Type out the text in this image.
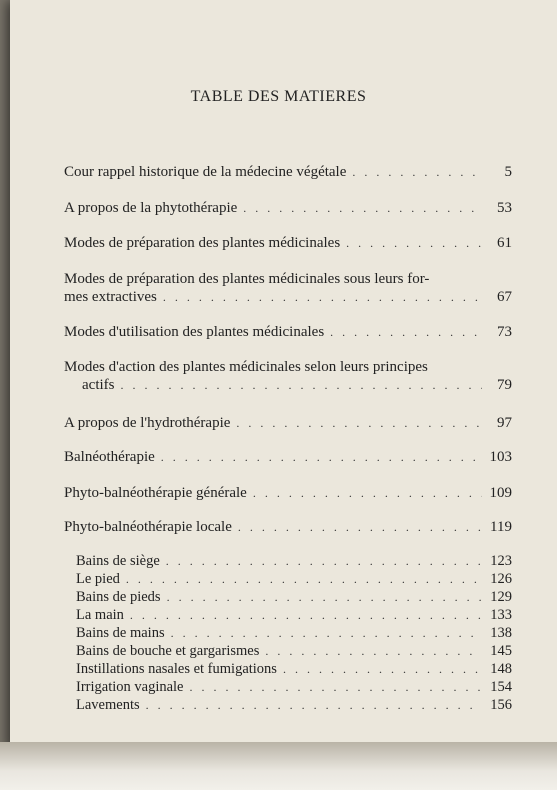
TABLE DES MATIERES
Cour rappel historique de la médecine végétale . . .	5
A propos de la phytothérapie . . .	53
Modes de préparation des plantes médicinales . . .	61
Modes de préparation des plantes médicinales sous leurs for-
mes extractives . . .	67
Modes d'utilisation des plantes médicinales . . .	73
Modes d'action des plantes médicinales selon leurs principes
actifs . . .	79
A propos de l'hydrothérapie . . .	97
Balnéothérapie . . .	103
Phyto-balnéothérapie générale . . .	109
Phyto-balnéothérapie locale . . .	119
Bains de siège . . .	123
Le pied . . .	126
Bains de pieds . . .	129
La main . . .	133
Bains de mains . . .	138
Bains de bouche et gargarismes . . .	145
Instillations nasales et fumigations . . .	148
Irrigation vaginale . . .	154
Lavements . . .	156
